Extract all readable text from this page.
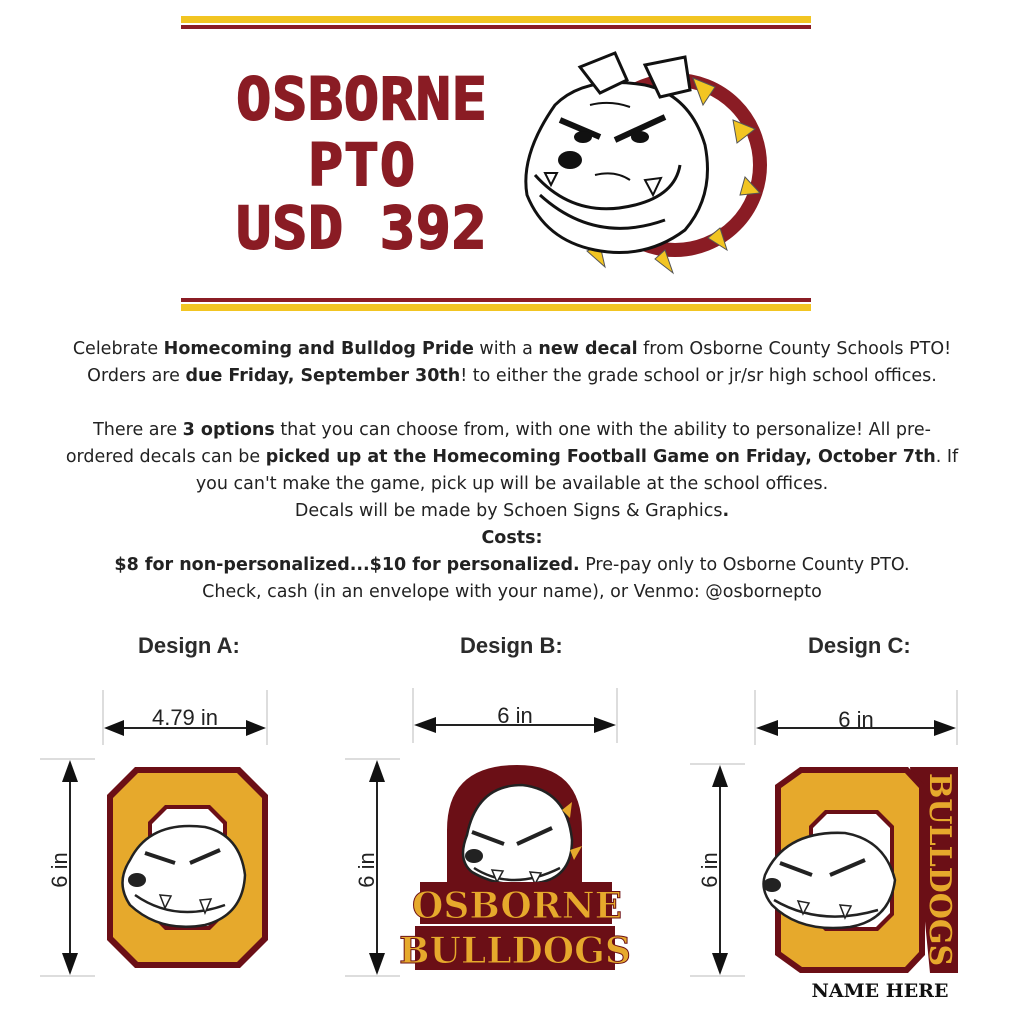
OSBORNE
PTO
USD 392
Celebrate Homecoming and Bulldog Pride with a new decal from Osborne County Schools PTO!
Orders are due Friday, September 30th! to either the grade school or jr/sr high school offices.
There are 3 options that you can choose from, with one with the ability to personalize! All pre-
ordered decals can be picked up at the Homecoming Football Game on Friday, October 7th. If
you can't make the game, pick up will be available at the school offices.
Decals will be made by Schoen Signs & Graphics.
Costs:
$8 for non-personalized...$10 for personalized. Pre-pay only to Osborne County PTO.
Check, cash (in an envelope with your name), or Venmo: @osbornepto
Design A:	Design B:	Design C:
4.79 in
6 in
6 in
6 in
OSBORNE
BULLDOGS
6 in
6 in	BULLDOGS
NAME HERE
